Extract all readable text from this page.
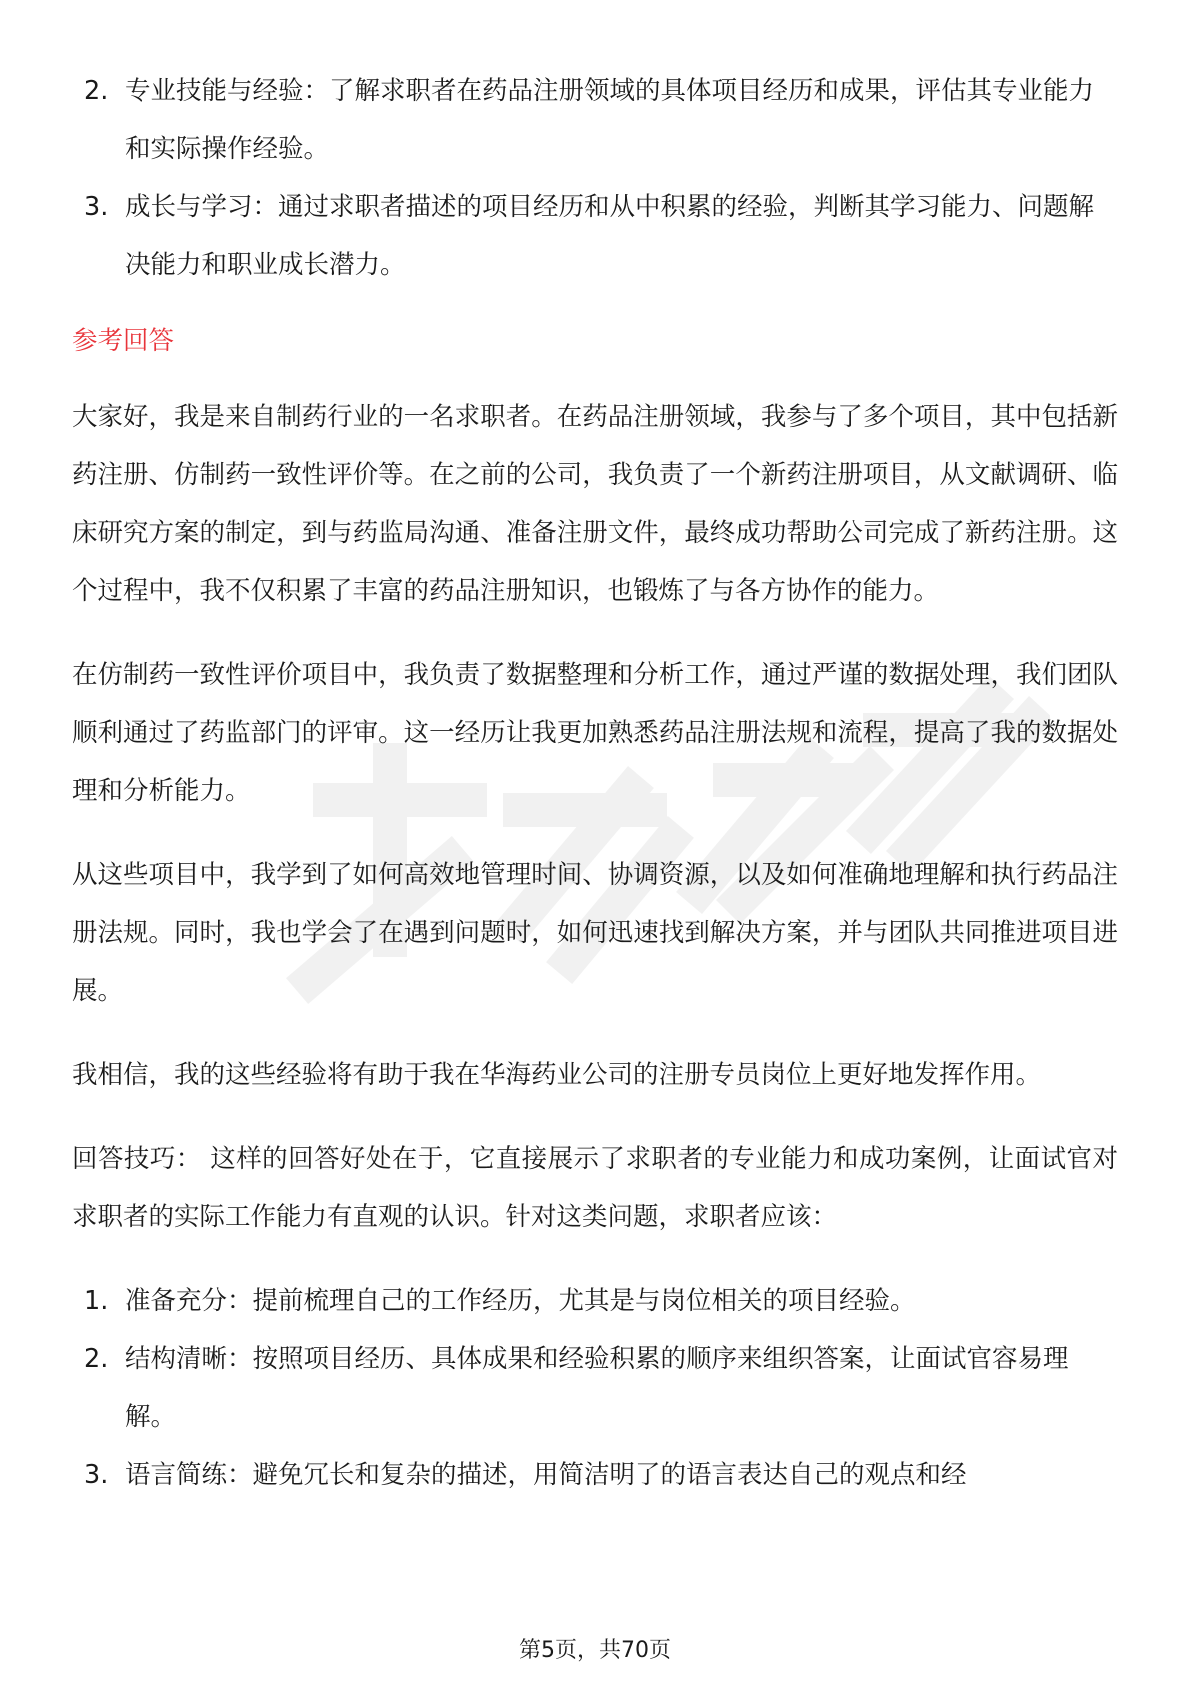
2. 专业技能与经验：了解求职者在药品注册领域的具体项目经历和成果，评估其专业能力和实际操作经验。
3. 成长与学习：通过求职者描述的项目经历和从中积累的经验，判断其学习能力、问题解决能力和职业成长潜力。
参考回答

大家好，我是来自制药行业的一名求职者。在药品注册领域，我参与了多个项目，其中包括新药注册、仿制药一致性评价等。在之前的公司，我负责了一个新药注册项目，从文献调研、临床研究方案的制定，到与药监局沟通、准备注册文件，最终成功帮助公司完成了新药注册。这个过程中，我不仅积累了丰富的药品注册知识，也锻炼了与各方协作的能力。

在仿制药一致性评价项目中，我负责了数据整理和分析工作，通过严谨的数据处理，我们团队顺利通过了药监部门的评审。这一经历让我更加熟悉药品注册法规和流程，提高了我的数据处理和分析能力。

从这些项目中，我学到了如何高效地管理时间、协调资源，以及如何准确地理解和执行药品注册法规。同时，我也学会了在遇到问题时，如何迅速找到解决方案，并与团队共同推进项目进展。

我相信，我的这些经验将有助于我在华海药业公司的注册专员岗位上更好地发挥作用。

回答技巧： 这样的回答好处在于，它直接展示了求职者的专业能力和成功案例，让面试官对求职者的实际工作能力有直观的认识。针对这类问题，求职者应该：

1. 准备充分：提前梳理自己的工作经历，尤其是与岗位相关的项目经验。
2. 结构清晰：按照项目经历、具体成果和经验积累的顺序来组织答案，让面试官容易理解。
3. 语言简练：避免冗长和复杂的描述，用简洁明了的语言表达自己的观点和经
第5页，共70页
